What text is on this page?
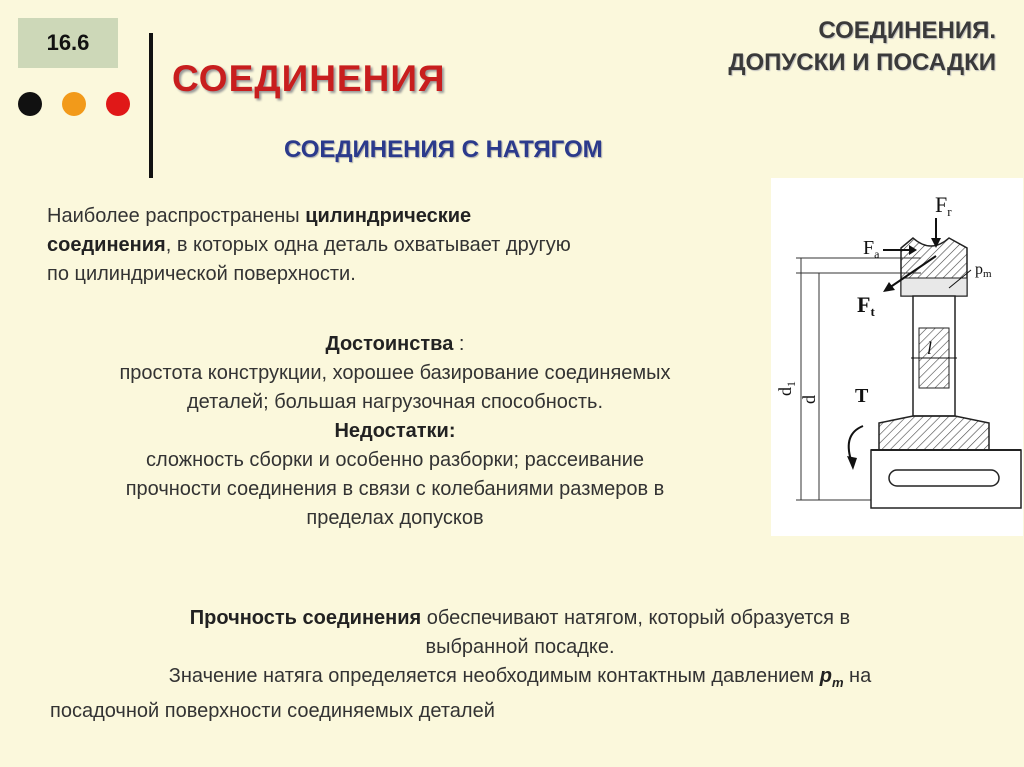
16.6
СОЕДИНЕНИЯ
СОЕДИНЕНИЯ.
ДОПУСКИ И ПОСАДКИ
СОЕДИНЕНИЯ С НАТЯГОМ
Наиболее распространены цилиндрические
соединения, в которых одна деталь охватывает другую
по цилиндрической поверхности.
Достоинства :
простота конструкции, хорошее базирование соединяемых
деталей; большая нагрузочная способность.
Недостатки:
сложность сборки и особенно разборки; рассеивание
прочности соединения в связи с колебаниями размеров в
пределах допусков
Прочность соединения обеспечивают натягом, который образуется в
выбранной посадке.
Значение натяга определяется необходимым контактным давлением $p_m$ на
посадочной поверхности соединяемых деталей
Fr
$F_a$
Ft
pm
l
T
$d_1$
d
